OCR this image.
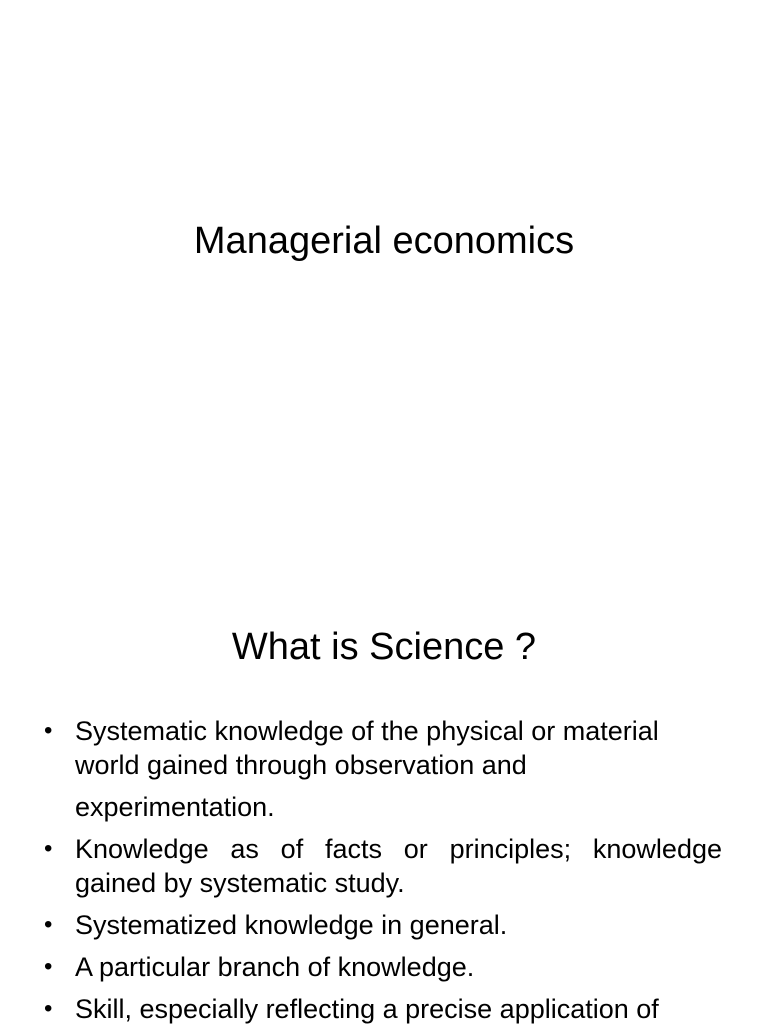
Managerial economics
What is Science ?
• Systematic knowledge of the physical or material world gained through observation and
experimentation.
• Knowledge as of facts or principles; knowledge gained by systematic study.
• Systematized knowledge in general.
• A particular branch of knowledge.
• Skill, especially reflecting a precise application of
